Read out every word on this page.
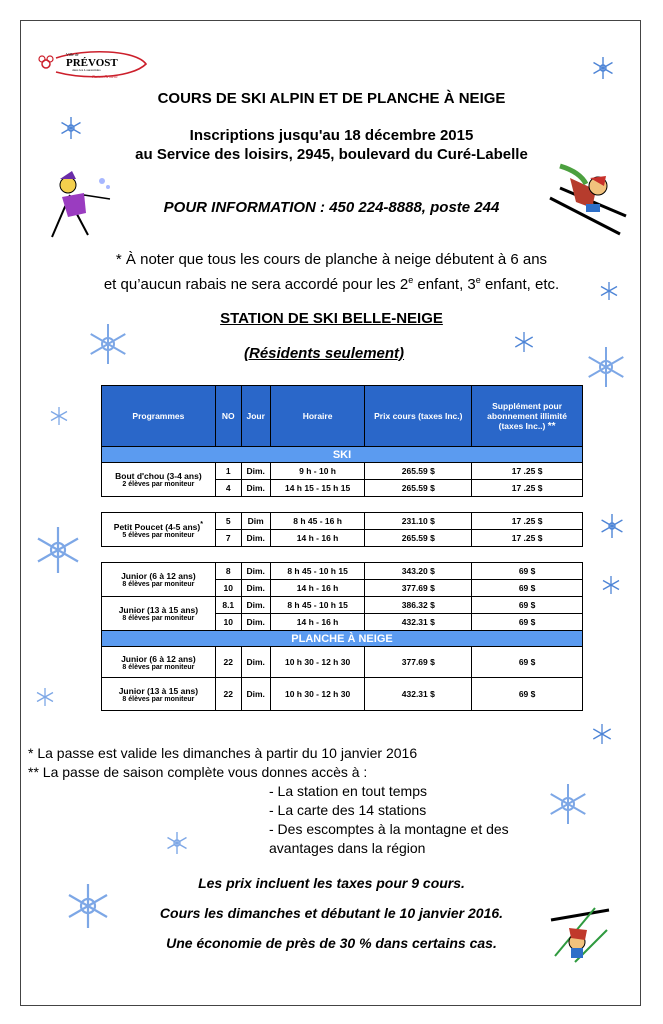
Ville de
PRÉVOST
dans les Laurentides
Naturellement
COURS DE SKI ALPIN ET DE PLANCHE À NEIGE
Inscriptions jusqu'au 18 décembre 2015
au Service des loisirs, 2945, boulevard du Curé-Labelle
POUR INFORMATION : 450 224-8888, poste 244
* À noter que tous les cours de planche à neige débutent à 6 ans
et qu’aucun rabais ne sera accordé pour les 2e enfant, 3e enfant, etc.
STATION DE SKI BELLE-NEIGE
(Résidents seulement)
Programmes	NO	Jour	Horaire	Prix cours (taxes Inc.)	Supplément pour abonnement illimité
(taxes Inc..) **
SKI					

Bout d'chou (3-4 ans)
2 élèves par moniteur	1	Dim.	9 h - 10 h	265.59 $	17 .25 $
	4	Dim.	14 h 15 - 15 h 15	265.59 $	17 .25 $

Petit Poucet (4-5 ans)*
5 élèves par moniteur	5	Dim	8 h 45 - 16 h	231.10 $	17 .25 $
	7	Dim.	14 h - 16 h	265.59 $	17 .25 $

Junior (6 à 12 ans)
8 élèves par moniteur	8	Dim.	8 h 45 - 10 h 15	343.20 $	69 $
	10	Dim.	14 h - 16 h	377.69 $	69 $

Junior (13 à 15 ans)
8 élèves par moniteur	8.1	Dim.	8 h 45 - 10 h 15	386.32 $	69 $
	10	Dim.	14 h - 16 h	432.31 $	69 $
PLANCHE À NEIGE					

Junior (6 à 12 ans)
8 élèves par moniteur	22	Dim.	10 h 30 - 12 h 30	377.69 $	69 $

Junior (13 à 15 ans)
8 élèves par moniteur	22	Dim.	10 h 30 - 12 h 30	432.31 $	69 $
* La passe est valide les dimanches à partir du 10 janvier 2016
** La passe de saison complète vous donnes accès à :
- La station en tout temps
- La carte des 14 stations
- Des escomptes à la montagne et des
avantages dans la région
Les prix incluent les taxes pour 9 cours.
Cours les dimanches et débutant le 10 janvier 2016.
Une économie de près de 30 % dans certains cas.
